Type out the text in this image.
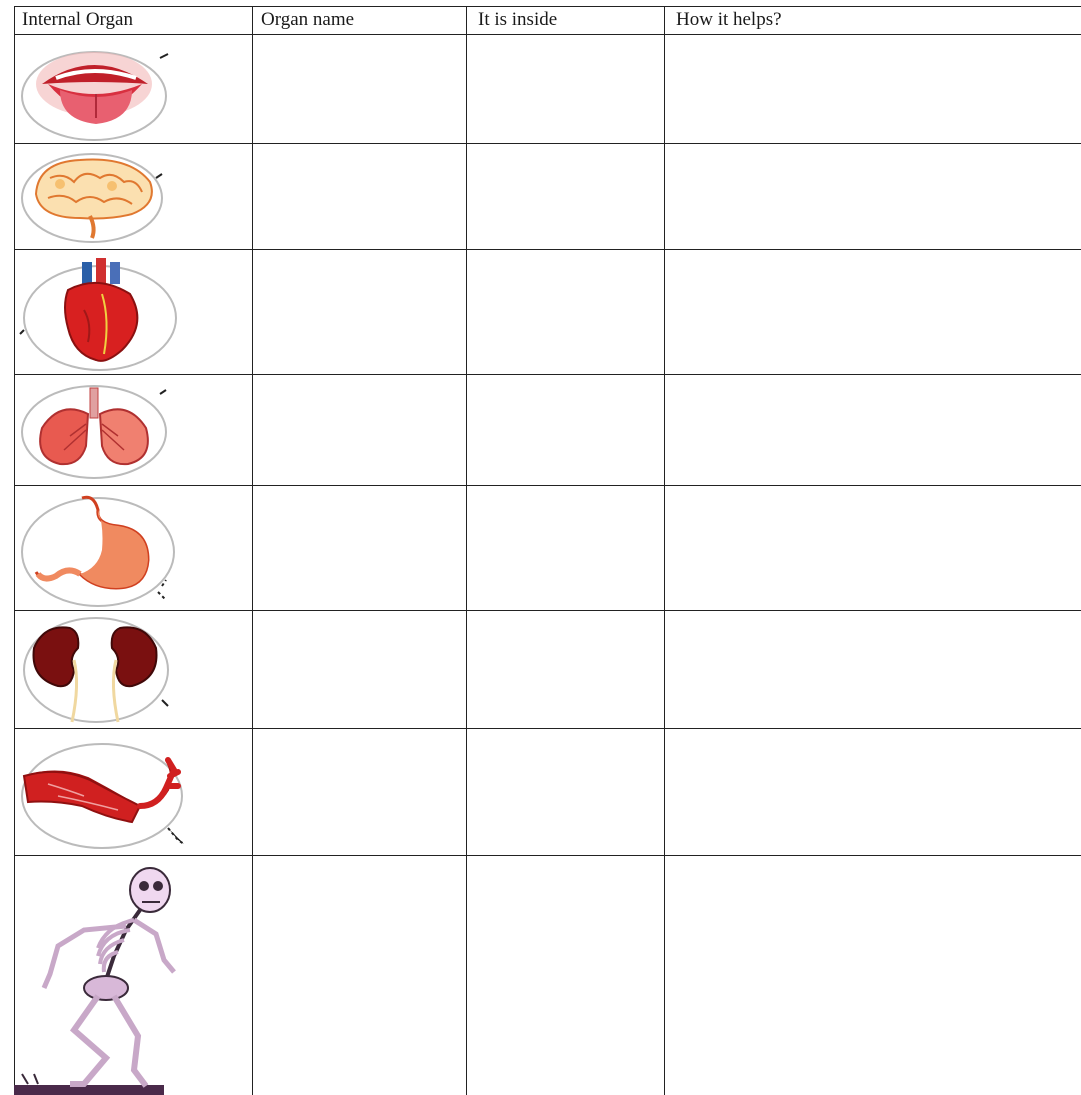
Internal Organ	Organ name	It is inside	How it helps?
